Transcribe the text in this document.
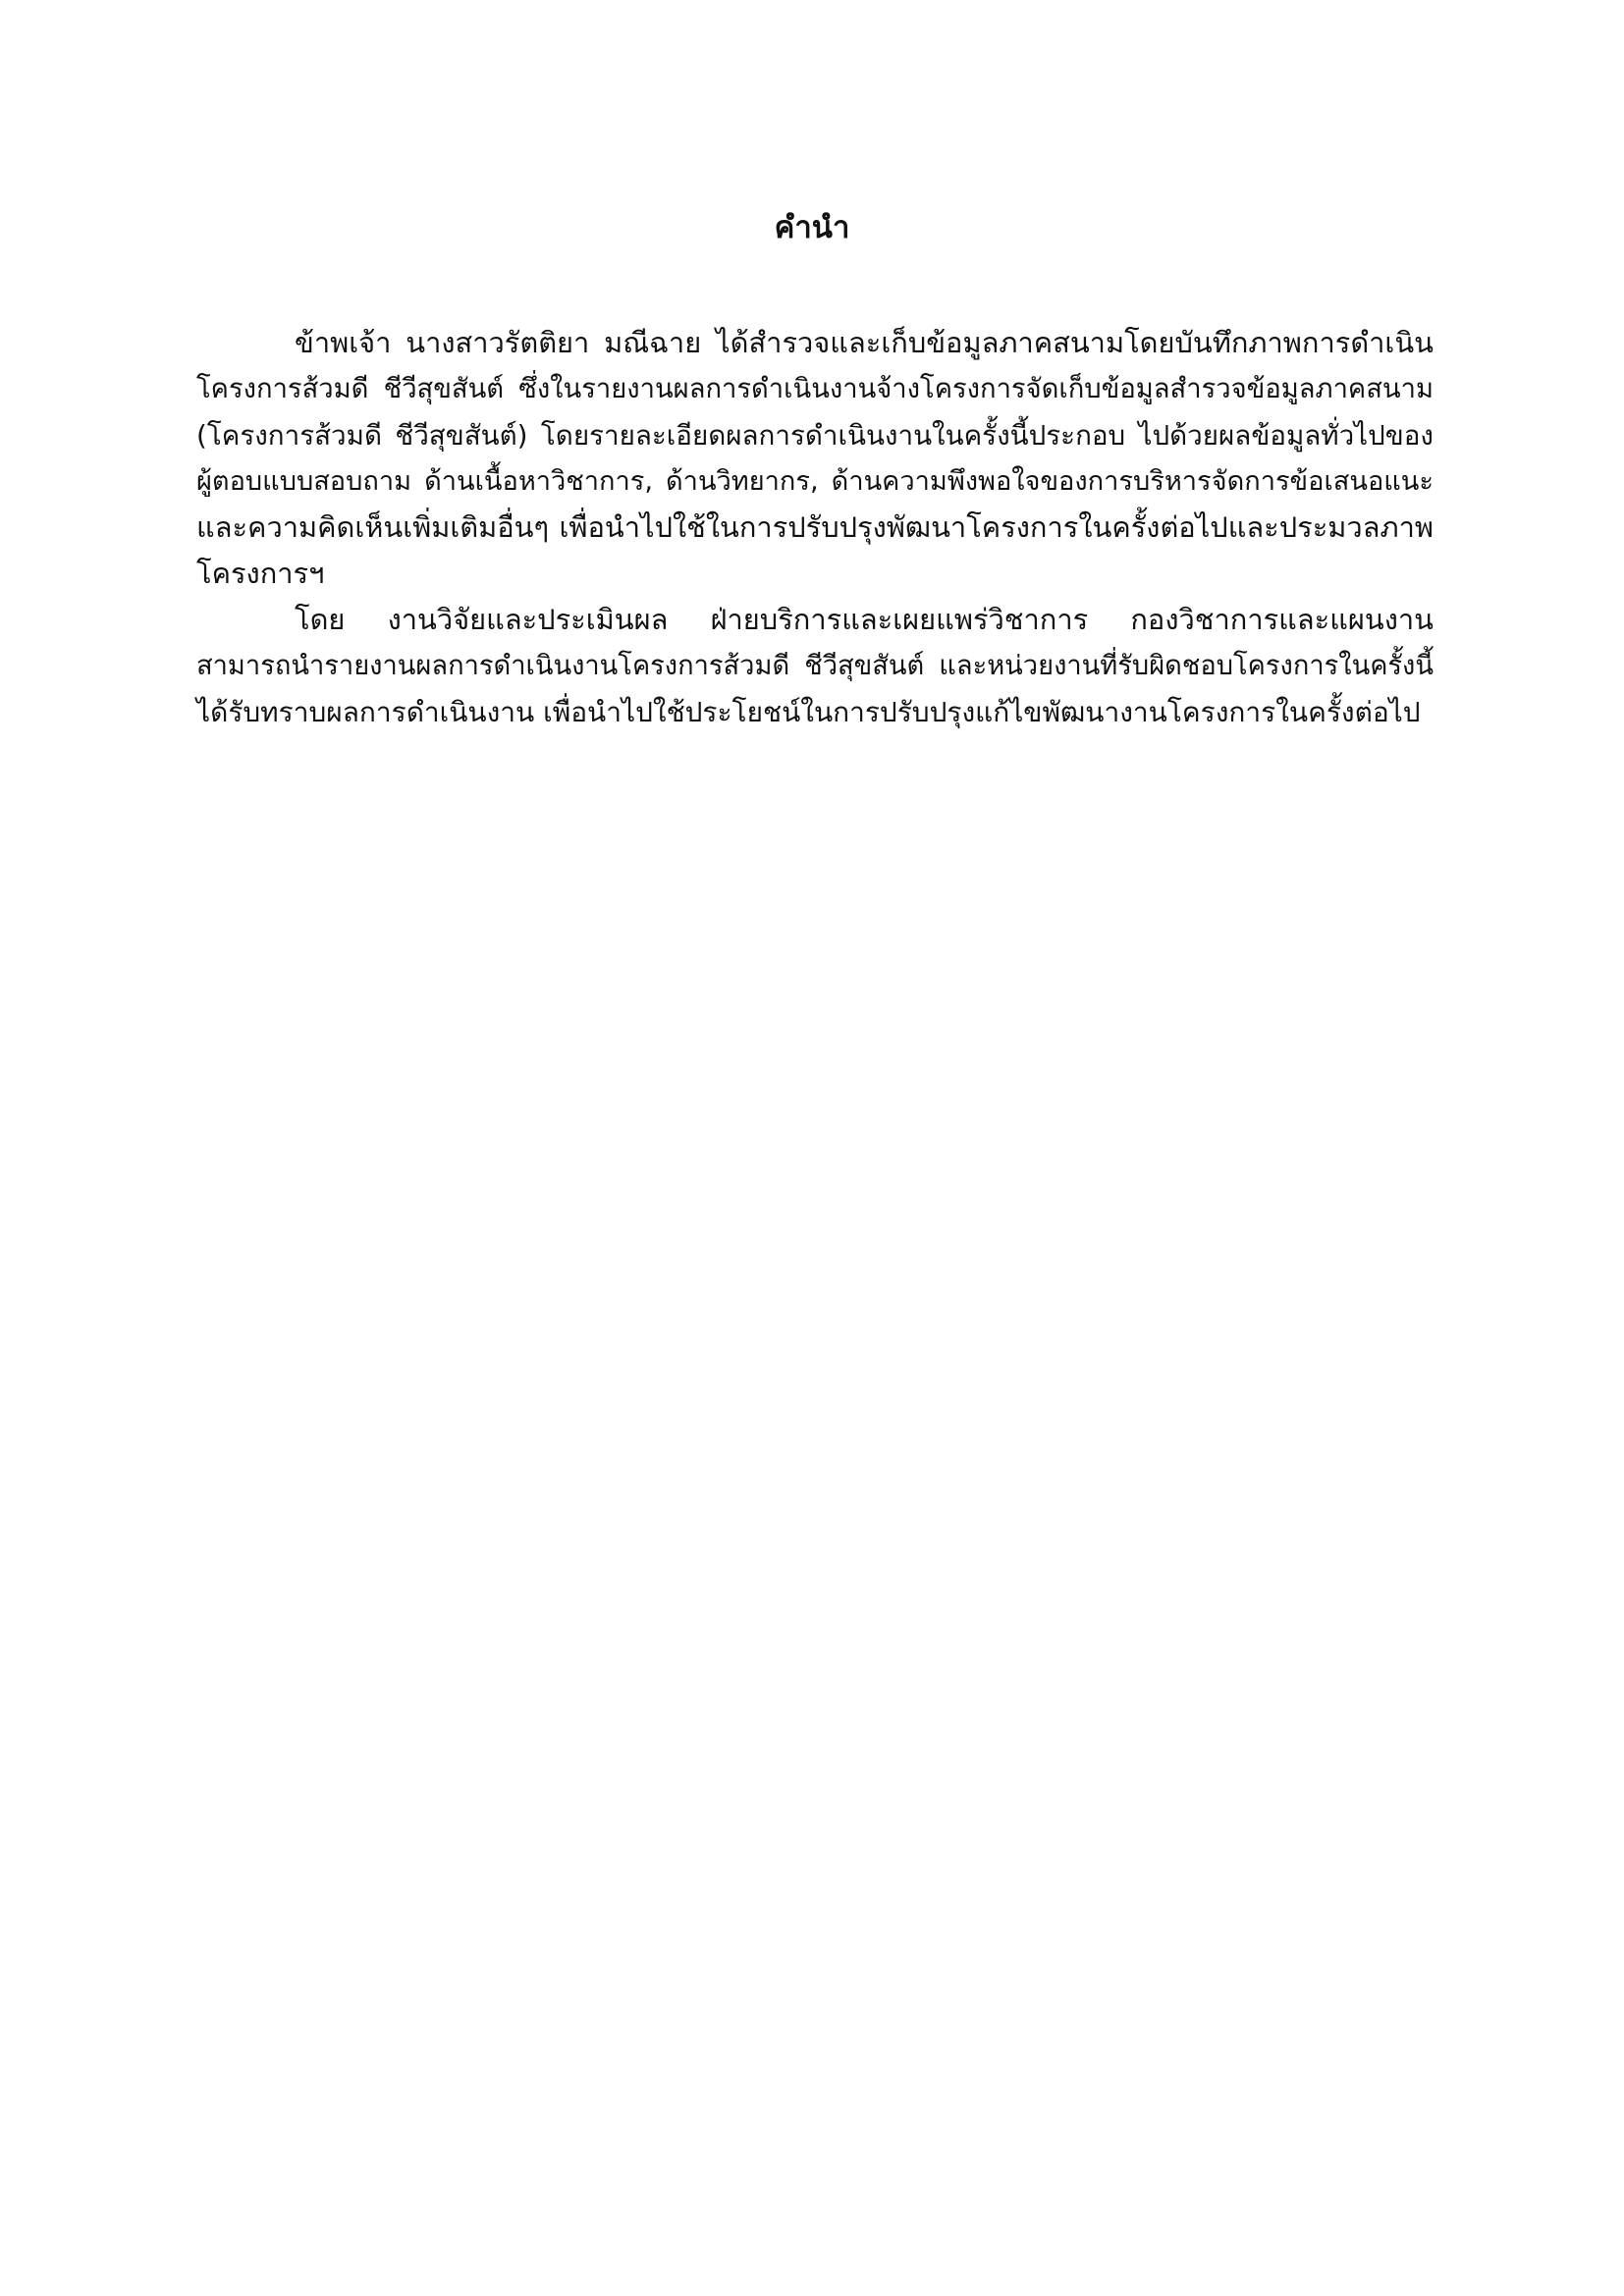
คำนำ

ข้าพเจ้า นางสาวรัตติยา มณีฉาย ได้สำรวจและเก็บข้อมูลภาคสนามโดยบันทึกภาพการดำเนิน

โครงการส้วมดี ชีวีสุขสันต์ ซึ่งในรายงานผลการดำเนินงานจ้างโครงการจัดเก็บข้อมูลสำรวจข้อมูลภาคสนาม

(โครงการส้วมดี ชีวีสุขสันต์) โดยรายละเอียดผลการดำเนินงานในครั้งนี้ประกอบ ไปด้วยผลข้อมูลทั่วไปของ

ผู้ตอบแบบสอบถาม ด้านเนื้อหาวิชาการ, ด้านวิทยากร, ด้านความพึงพอใจของการบริหารจัดการข้อเสนอแนะ

และความคิดเห็นเพิ่มเติมอื่นๆ เพื่อนำไปใช้ในการปรับปรุงพัฒนาโครงการในครั้งต่อไปและประมวลภาพ

โครงการฯ

โดย งานวิจัยและประเมินผล ฝ่ายบริการและเผยแพร่วิชาการ กองวิชาการและแผนงาน

สามารถนำรายงานผลการดำเนินงานโครงการส้วมดี ชีวีสุขสันต์ และหน่วยงานที่รับผิดชอบโครงการในครั้งนี้

ได้รับทราบผลการดำเนินงาน เพื่อนำไปใช้ประโยชน์ในการปรับปรุงแก้ไขพัฒนางานโครงการในครั้งต่อไป
